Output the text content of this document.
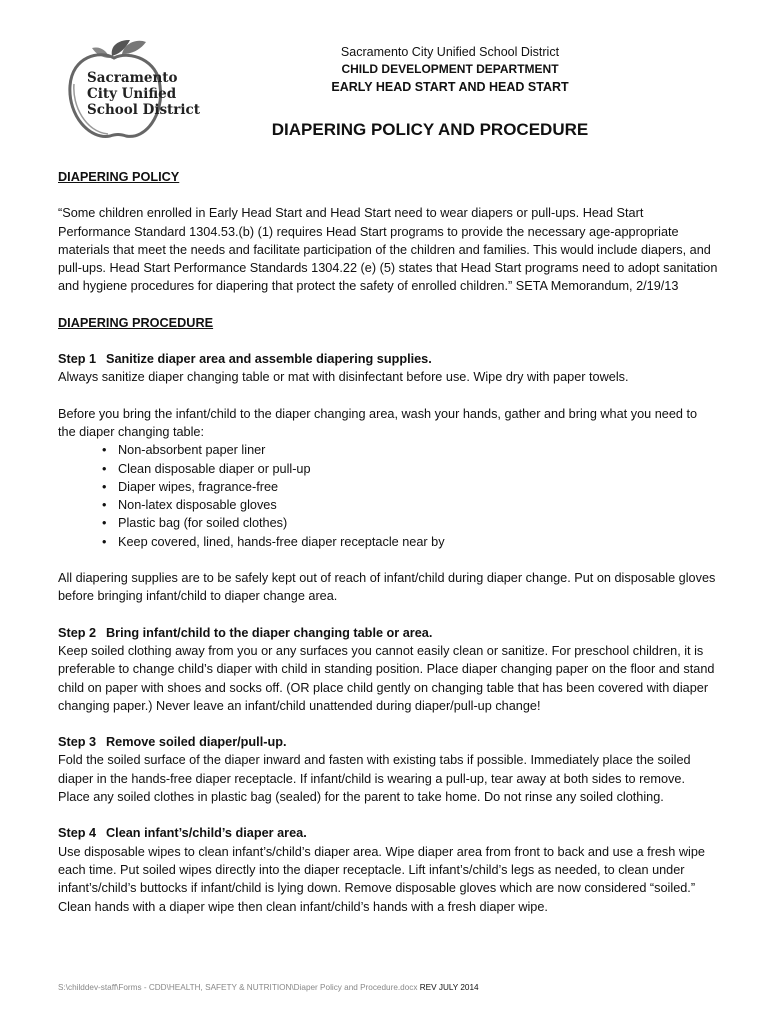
Sacramento
City Unified
School District
Sacramento City Unified School District
CHILD DEVELOPMENT DEPARTMENT
EARLY HEAD START AND HEAD START
DIAPERING POLICY AND PROCEDURE
DIAPERING POLICY

“Some children enrolled in Early Head Start and Head Start need to wear diapers or pull-ups. Head Start Performance Standard 1304.53.(b) (1) requires Head Start programs to provide the necessary age-appropriate materials that meet the needs and facilitate participation of the children and families. This would include diapers, and pull-ups. Head Start Performance Standards 1304.22 (e) (5) states that Head Start programs need to adopt sanitation and hygiene procedures for diapering that protect the safety of enrolled children.” SETA Memorandum, 2/19/13

DIAPERING PROCEDURE
Step 1 Sanitize diaper area and assemble diapering supplies.

Always sanitize diaper changing table or mat with disinfectant before use. Wipe dry with paper towels.

Before you bring the infant/child to the diaper changing area, wash your hands, gather and bring what you need to the diaper changing table:

• Non-absorbent paper liner
• Clean disposable diaper or pull-up
• Diaper wipes, fragrance-free
• Non-latex disposable gloves
• Plastic bag (for soiled clothes)
• Keep covered, lined, hands-free diaper receptacle near by

All diapering supplies are to be safely kept out of reach of infant/child during diaper change. Put on disposable gloves before bringing infant/child to diaper change area.

Step 2 Bring infant/child to the diaper changing table or area.

Keep soiled clothing away from you or any surfaces you cannot easily clean or sanitize. For preschool children, it is preferable to change child’s diaper with child in standing position. Place diaper changing paper on the floor and stand child on paper with shoes and socks off. (OR place child gently on changing table that has been covered with diaper changing paper.) Never leave an infant/child unattended during diaper/pull-up change!

Step 3 Remove soiled diaper/pull-up.

Fold the soiled surface of the diaper inward and fasten with existing tabs if possible. Immediately place the soiled diaper in the hands-free diaper receptacle. If infant/child is wearing a pull-up, tear away at both sides to remove.

Place any soiled clothes in plastic bag (sealed) for the parent to take home. Do not rinse any soiled clothing.

Step 4 Clean infant’s/child’s diaper area.

Use disposable wipes to clean infant’s/child’s diaper area. Wipe diaper area from front to back and use a fresh wipe each time. Put soiled wipes directly into the diaper receptacle. Lift infant’s/child’s legs as needed, to clean under infant’s/child’s buttocks if infant/child is lying down. Remove disposable gloves which are now considered “soiled.” Clean hands with a diaper wipe then clean infant/child’s hands with a fresh diaper wipe.

S:\childdev-staff\Forms - CDD\HEALTH, SAFETY & NUTRITION\Diaper Policy and Procedure.docx REV JULY 2014
